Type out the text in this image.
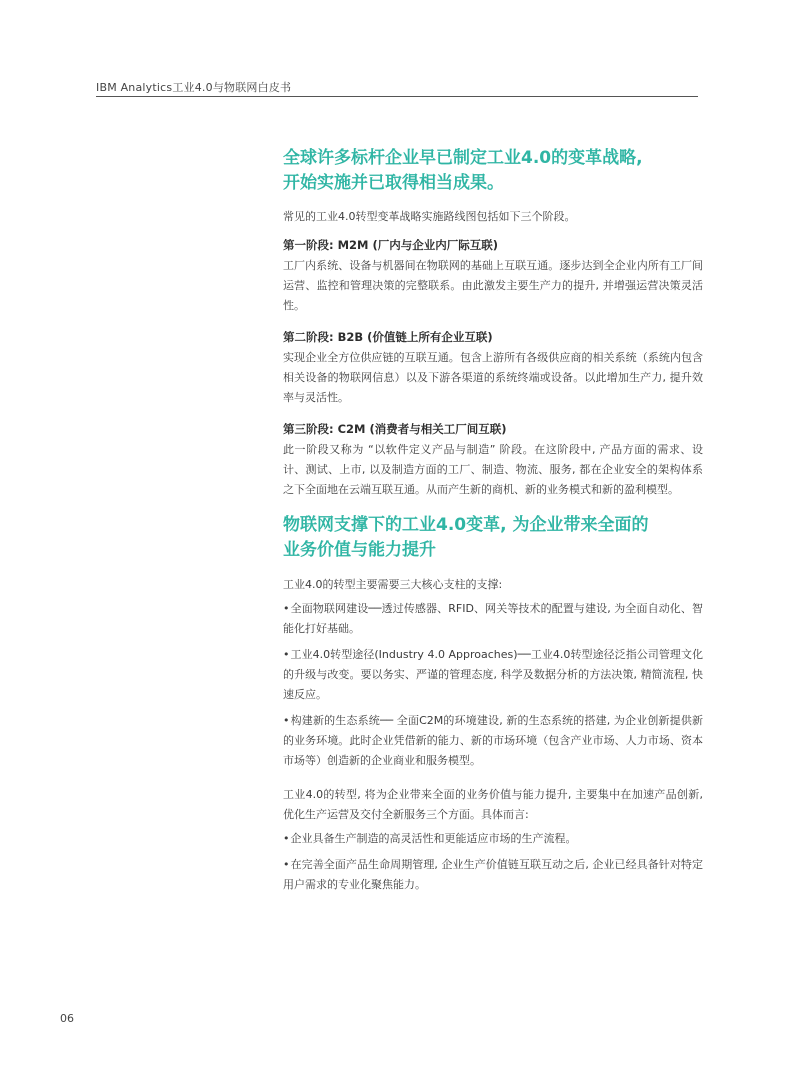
IBM Analytics工业4.0与物联网白皮书
全球许多标杆企业早已制定工业4.0的变革战略,
开始实施并已取得相当成果。
常见的工业4.0转型变革战略实施路线图包括如下三个阶段。
第一阶段: M2M (厂内与企业内厂际互联)
工厂内系统、设备与机器间在物联网的基础上互联互通。逐步达到全企业内所有工厂间运营、监控和管理决策的完整联系。由此激发主要生产力的提升, 并增强运营决策灵活性。
第二阶段: B2B (价值链上所有企业互联)
实现企业全方位供应链的互联互通。包含上游所有各级供应商的相关系统（系统内包含相关设备的物联网信息）以及下游各渠道的系统终端或设备。以此增加生产力, 提升效率与灵活性。
第三阶段: C2M (消费者与相关工厂间互联)
此一阶段又称为 “以软件定义产品与制造” 阶段。在这阶段中, 产品方面的需求、设计、测试、上市, 以及制造方面的工厂、制造、物流、服务, 都在企业安全的架构体系之下全面地在云端互联互通。从而产生新的商机、新的业务模式和新的盈利模型。
物联网支撑下的工业4.0变革, 为企业带来全面的
业务价值与能力提升
工业4.0的转型主要需要三大核心支柱的支撑:
•全面物联网建设──透过传感器、RFID、网关等技术的配置与建设, 为全面自动化、智能化打好基础。
•工业4.0转型途径(Industry 4.0 Approaches)──工业4.0转型途径泛指公司管理文化的升级与改变。要以务实、严谨的管理态度, 科学及数据分析的方法决策, 精简流程, 快速反应。
•构建新的生态系统── 全面C2M的环境建设, 新的生态系统的搭建, 为企业创新提供新的业务环境。此时企业凭借新的能力、新的市场环境（包含产业市场、人力市场、资本市场等）创造新的企业商业和服务模型。
工业4.0的转型, 将为企业带来全面的业务价值与能力提升, 主要集中在加速产品创新, 优化生产运营及交付全新服务三个方面。具体而言:
•企业具备生产制造的高灵活性和更能适应市场的生产流程。
•在完善全面产品生命周期管理, 企业生产价值链互联互动之后, 企业已经具备针对特定用户需求的专业化聚焦能力。
06
